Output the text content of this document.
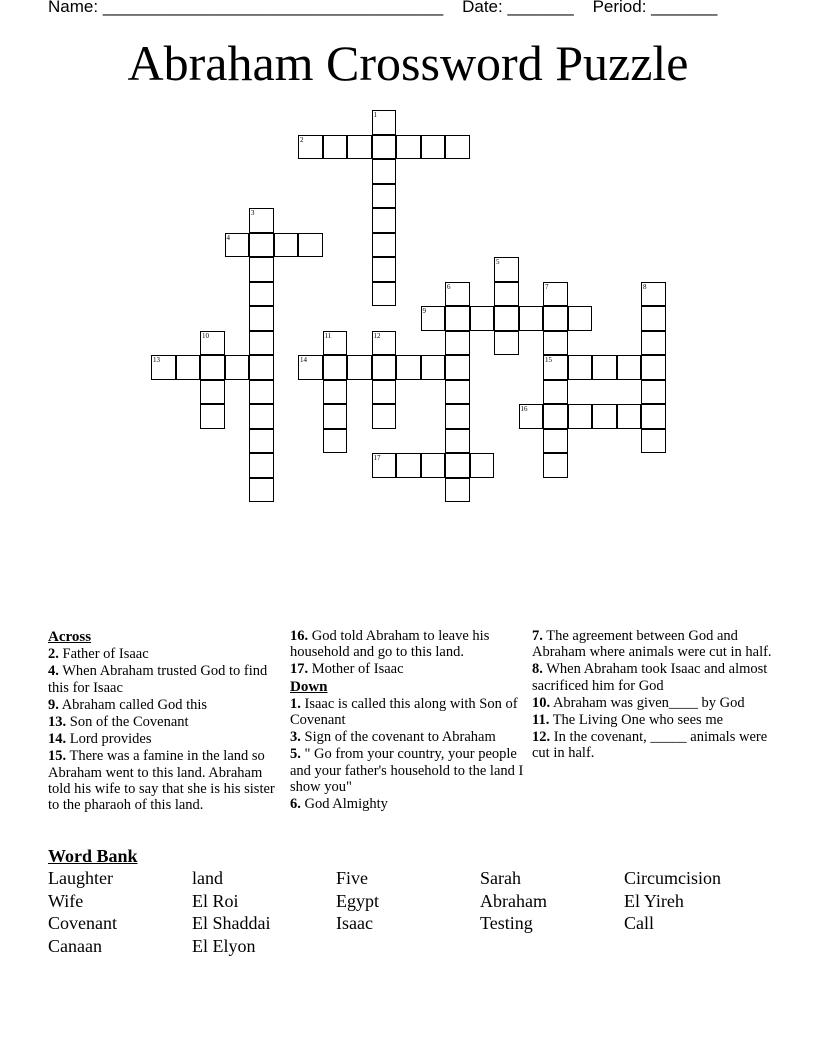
Name: ____________________________________ Date: _______ Period: _______
Abraham Crossword Puzzle
1
2
3
4
5
6	7
15
8
9
10	11	12
13	14
16
17
Across
2. Father of Isaac
4. When Abraham trusted God to find this for Isaac
9. Abraham called God this
13. Son of the Covenant
14. Lord provides
15. There was a famine in the land so Abraham went to this land. Abraham told his wife to say that she is his sister to the pharaoh of this land.
16. God told Abraham to leave his household and go to this land.
17. Mother of Isaac
Down
1. Isaac is called this along with Son of Covenant
3. Sign of the covenant to Abraham
5. " Go from your country, your people and your father's household to the land I show you"
6. God Almighty
7. The agreement between God and Abraham where animals were cut in half.
8. When Abraham took Isaac and almost sacrificed him for God
10. Abraham was given____ by God
11. The Living One who sees me
12. In the covenant, _____ animals were cut in half.
Word Bank
Laughter	land	Five	Sarah	Circumcision
Wife	El Roi	Egypt	Abraham	El Yireh
Covenant	El Shaddai	Isaac	Testing	Call
Canaan	El Elyon
